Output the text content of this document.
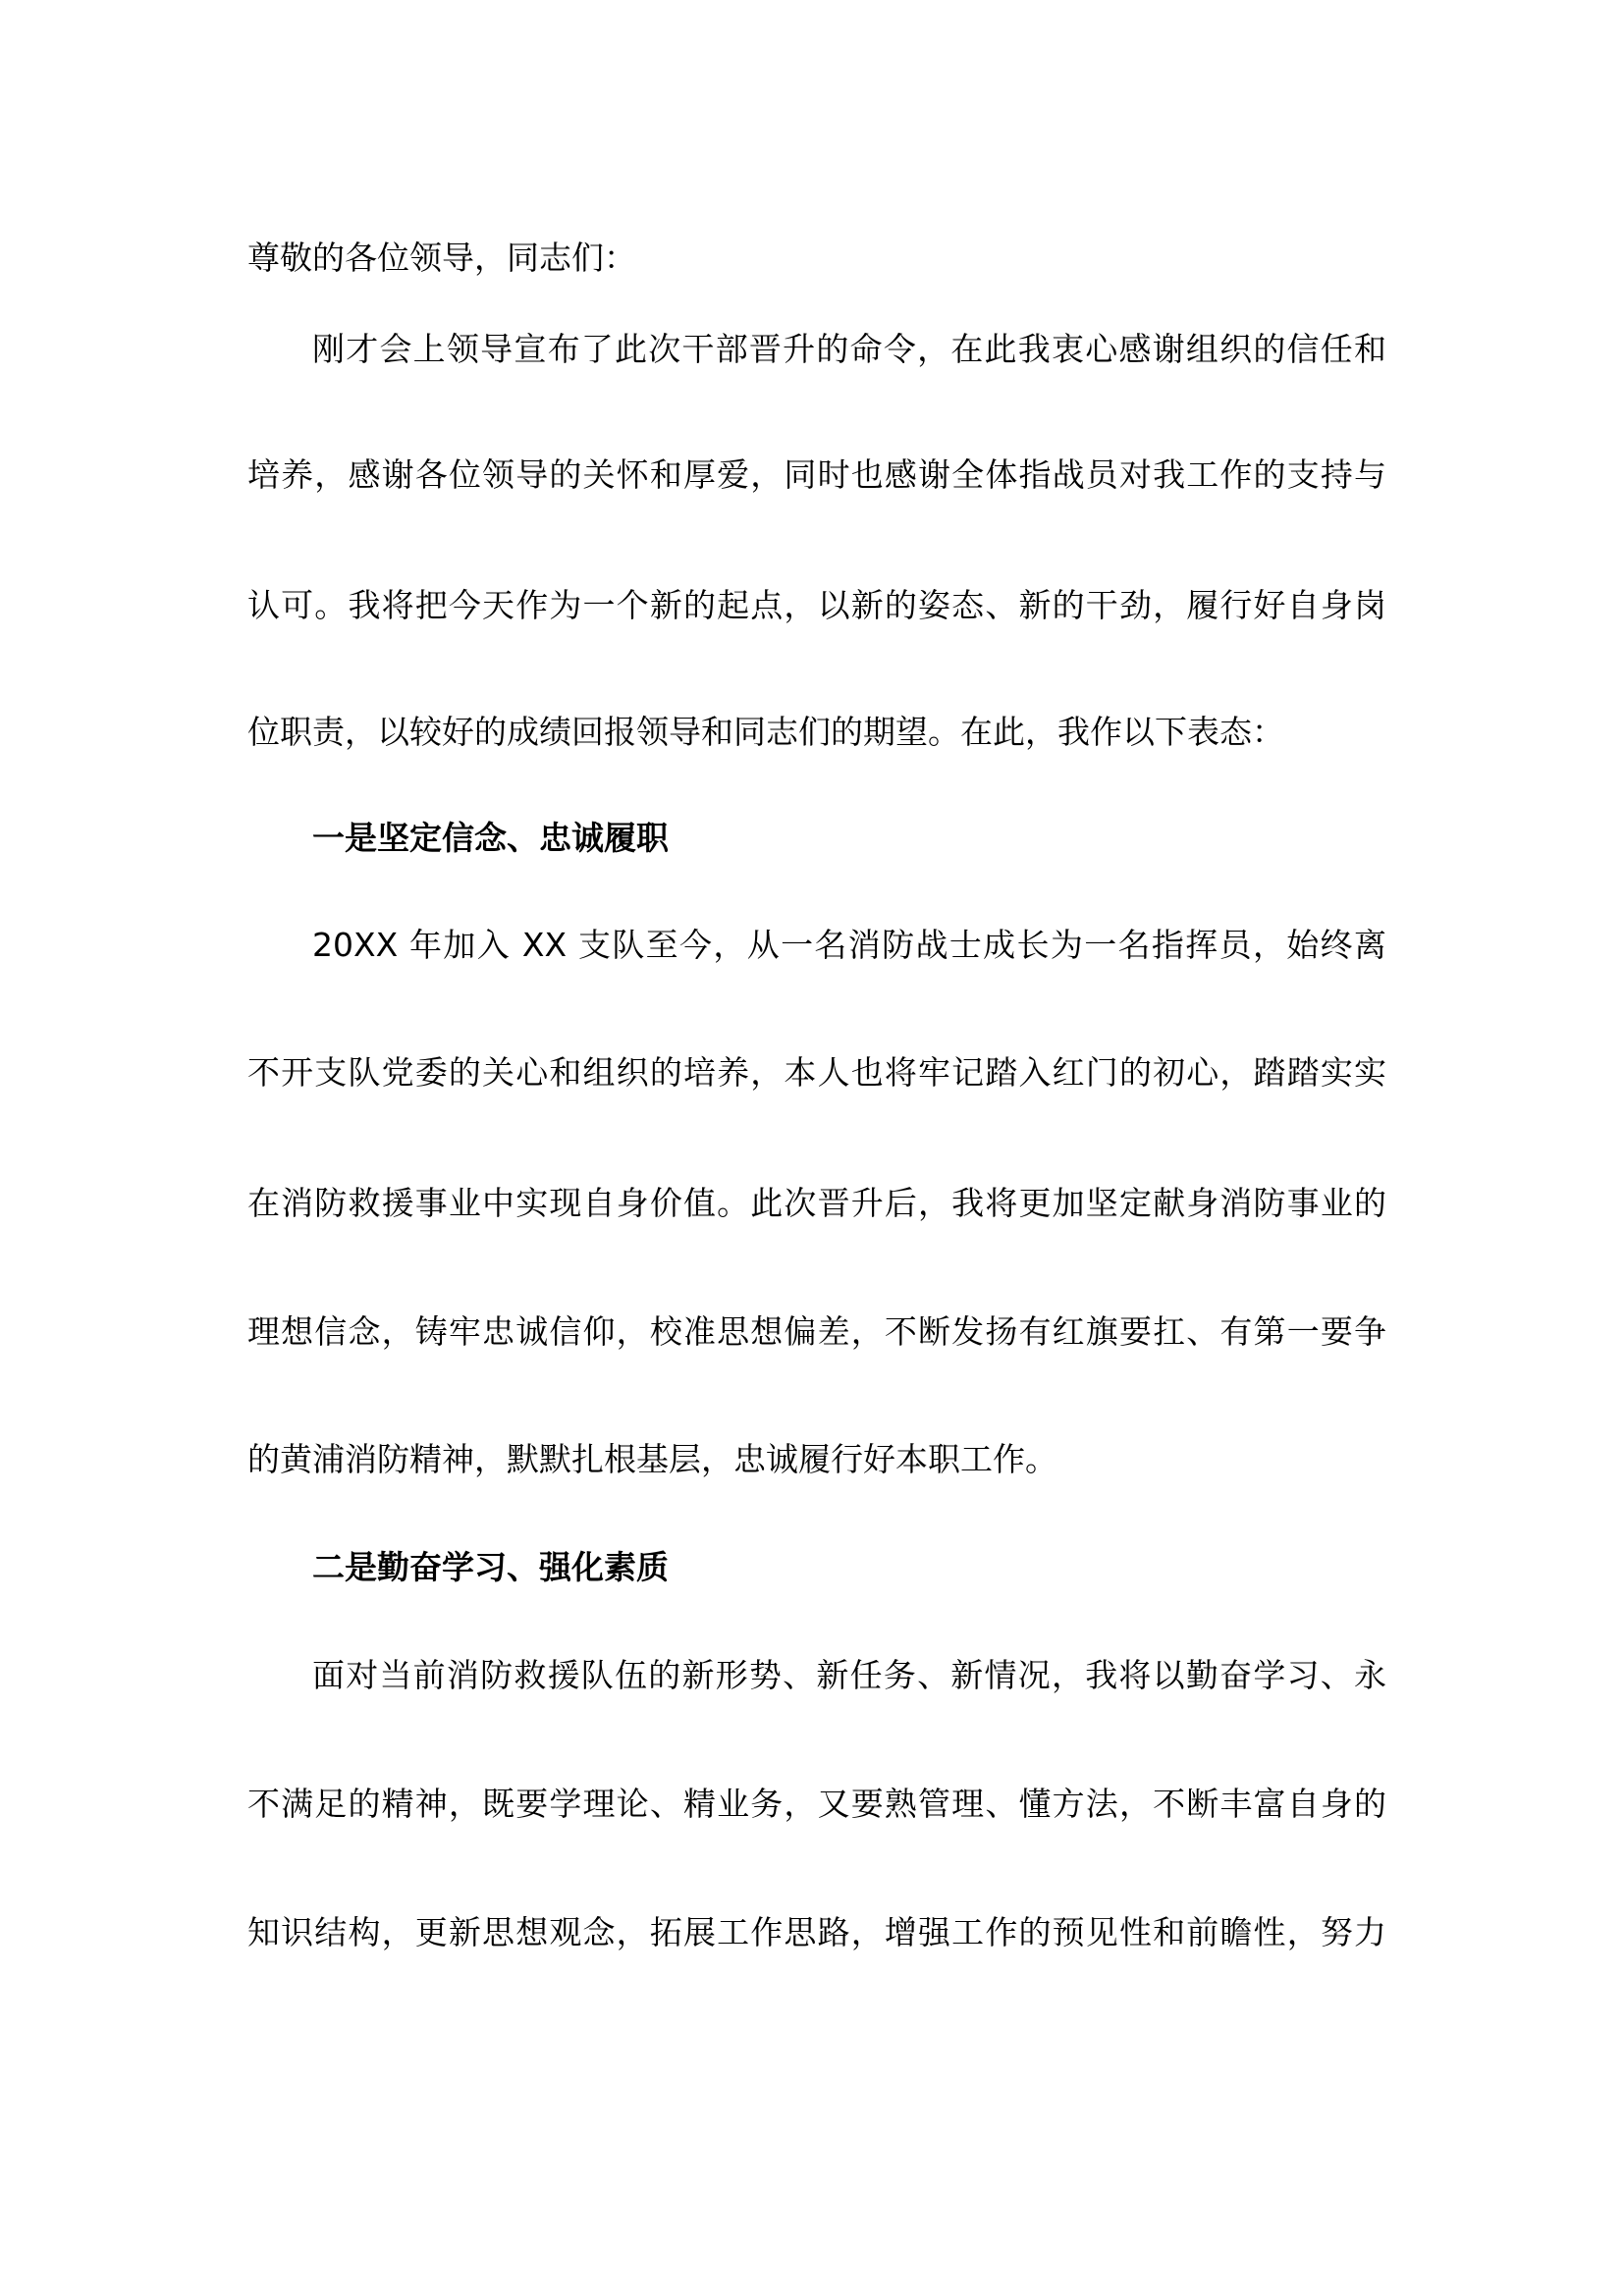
尊敬的各位领导，同志们：
刚才会上领导宣布了此次干部晋升的命令，在此我衷心感谢组织的信任和
培养，感谢各位领导的关怀和厚爱，同时也感谢全体指战员对我工作的支持与
认可。我将把今天作为一个新的起点，以新的姿态、新的干劲，履行好自身岗
位职责，以较好的成绩回报领导和同志们的期望。在此，我作以下表态：
一是坚定信念、忠诚履职
20XX 年加入 XX 支队至今，从一名消防战士成长为一名指挥员，始终离
不开支队党委的关心和组织的培养，本人也将牢记踏入红门的初心，踏踏实实
在消防救援事业中实现自身价值。此次晋升后，我将更加坚定献身消防事业的
理想信念，铸牢忠诚信仰，校准思想偏差，不断发扬有红旗要扛、有第一要争
的黄浦消防精神，默默扎根基层，忠诚履行好本职工作。
二是勤奋学习、强化素质
面对当前消防救援队伍的新形势、新任务、新情况，我将以勤奋学习、永
不满足的精神，既要学理论、精业务，又要熟管理、懂方法，不断丰富自身的
知识结构，更新思想观念，拓展工作思路，增强工作的预见性和前瞻性，努力
